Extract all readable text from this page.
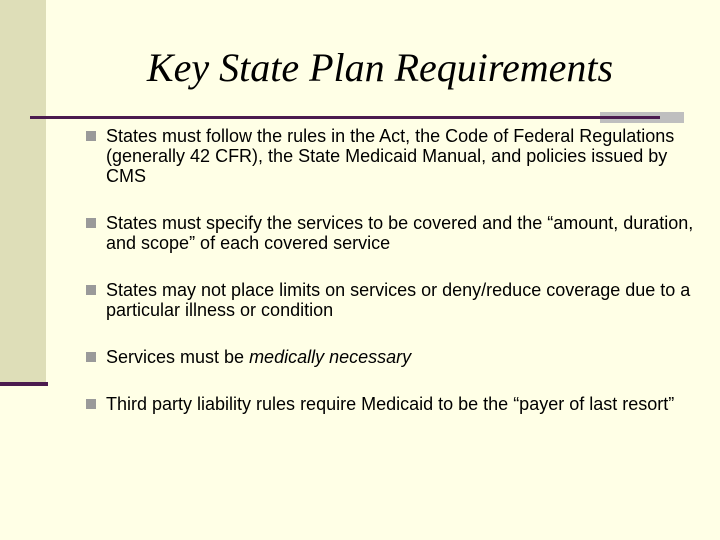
Key State Plan Requirements
States must follow the rules in the Act, the Code of Federal Regulations (generally 42 CFR), the State Medicaid Manual, and policies issued by CMS
States must specify the services to be covered and the “amount, duration, and scope” of each covered service
States may not place limits on services or deny/reduce coverage due to a particular illness or condition
Services must be medically necessary
Third party liability rules require Medicaid to be the “payer of last resort”
